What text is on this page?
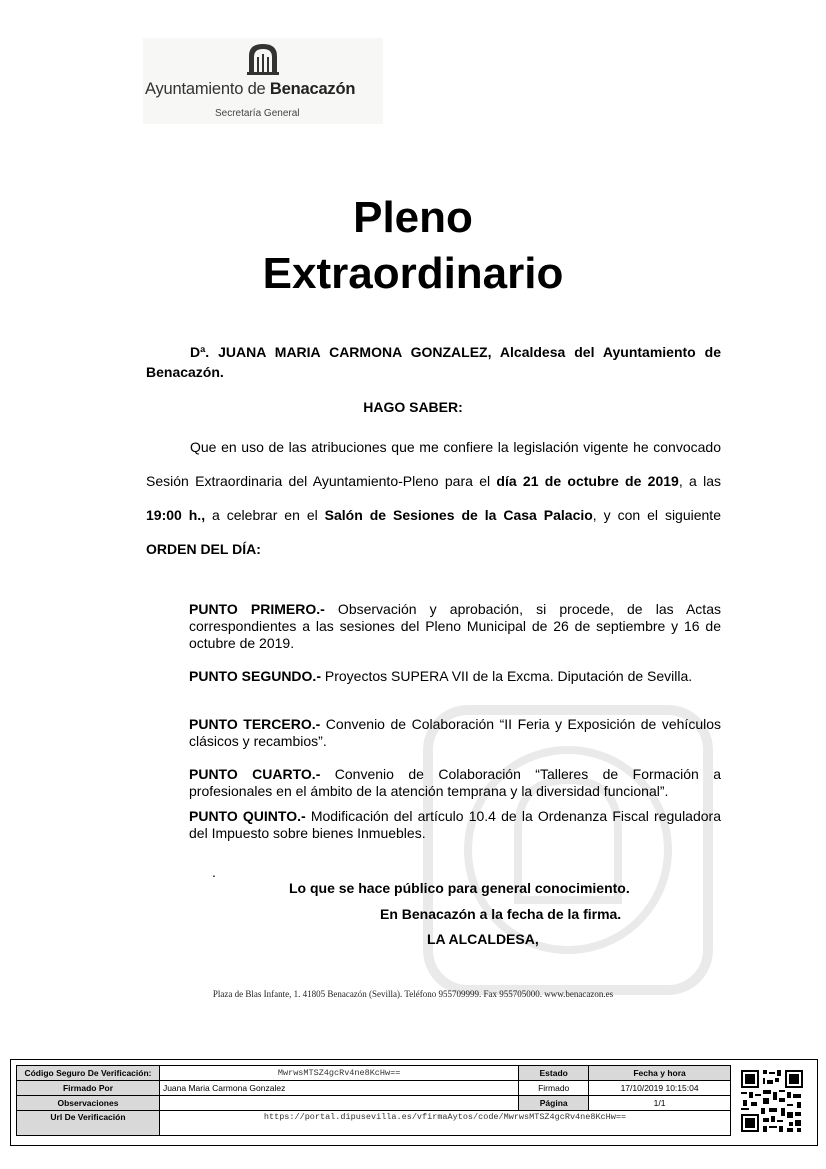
Ayuntamiento de Benacazón
Secretaría General
Pleno
Extraordinario
Dª. JUANA MARIA CARMONA GONZALEZ, Alcaldesa del Ayuntamiento de Benacazón.
HAGO SABER:
Que en uso de las atribuciones que me confiere la legislación vigente he convocado Sesión Extraordinaria del Ayuntamiento-Pleno para el día 21 de octubre de 2019, a las 19:00 h., a celebrar en el Salón de Sesiones de la Casa Palacio, y con el siguiente ORDEN DEL DÍA:
PUNTO PRIMERO.- Observación y aprobación, si procede, de las Actas correspondientes a las sesiones del Pleno Municipal de 26 de septiembre y 16 de octubre de 2019.
PUNTO SEGUNDO.- Proyectos SUPERA VII de la Excma. Diputación de Sevilla.
PUNTO TERCERO.- Convenio de Colaboración “II Feria y Exposición de vehículos clásicos y recambios”.
PUNTO CUARTO.- Convenio de Colaboración “Talleres de Formación a profesionales en el ámbito de la atención temprana y la diversidad funcional”.
PUNTO QUINTO.- Modificación del artículo 10.4 de la Ordenanza Fiscal reguladora del Impuesto sobre bienes Inmuebles.
.
Lo que se hace público para general conocimiento.
En Benacazón a la fecha de la firma.
LA ALCALDESA,
Plaza de Blas Infante, 1. 41805 Benacazón (Sevilla). Teléfono 955709999. Fax 955705000. www.benacazon.es
Código Seguro De Verificación:	MwrwsMTSZ4gcRv4ne8KcHw==	Estado	Fecha y hora
Firmado Por	Juana Maria Carmona Gonzalez	Firmado	17/10/2019 10:15:04
Observaciones		Página	1/1
Url De Verificación	https://portal.dipusevilla.es/vfirmaAytos/code/MwrwsMTSZ4gcRv4ne8KcHw==		
